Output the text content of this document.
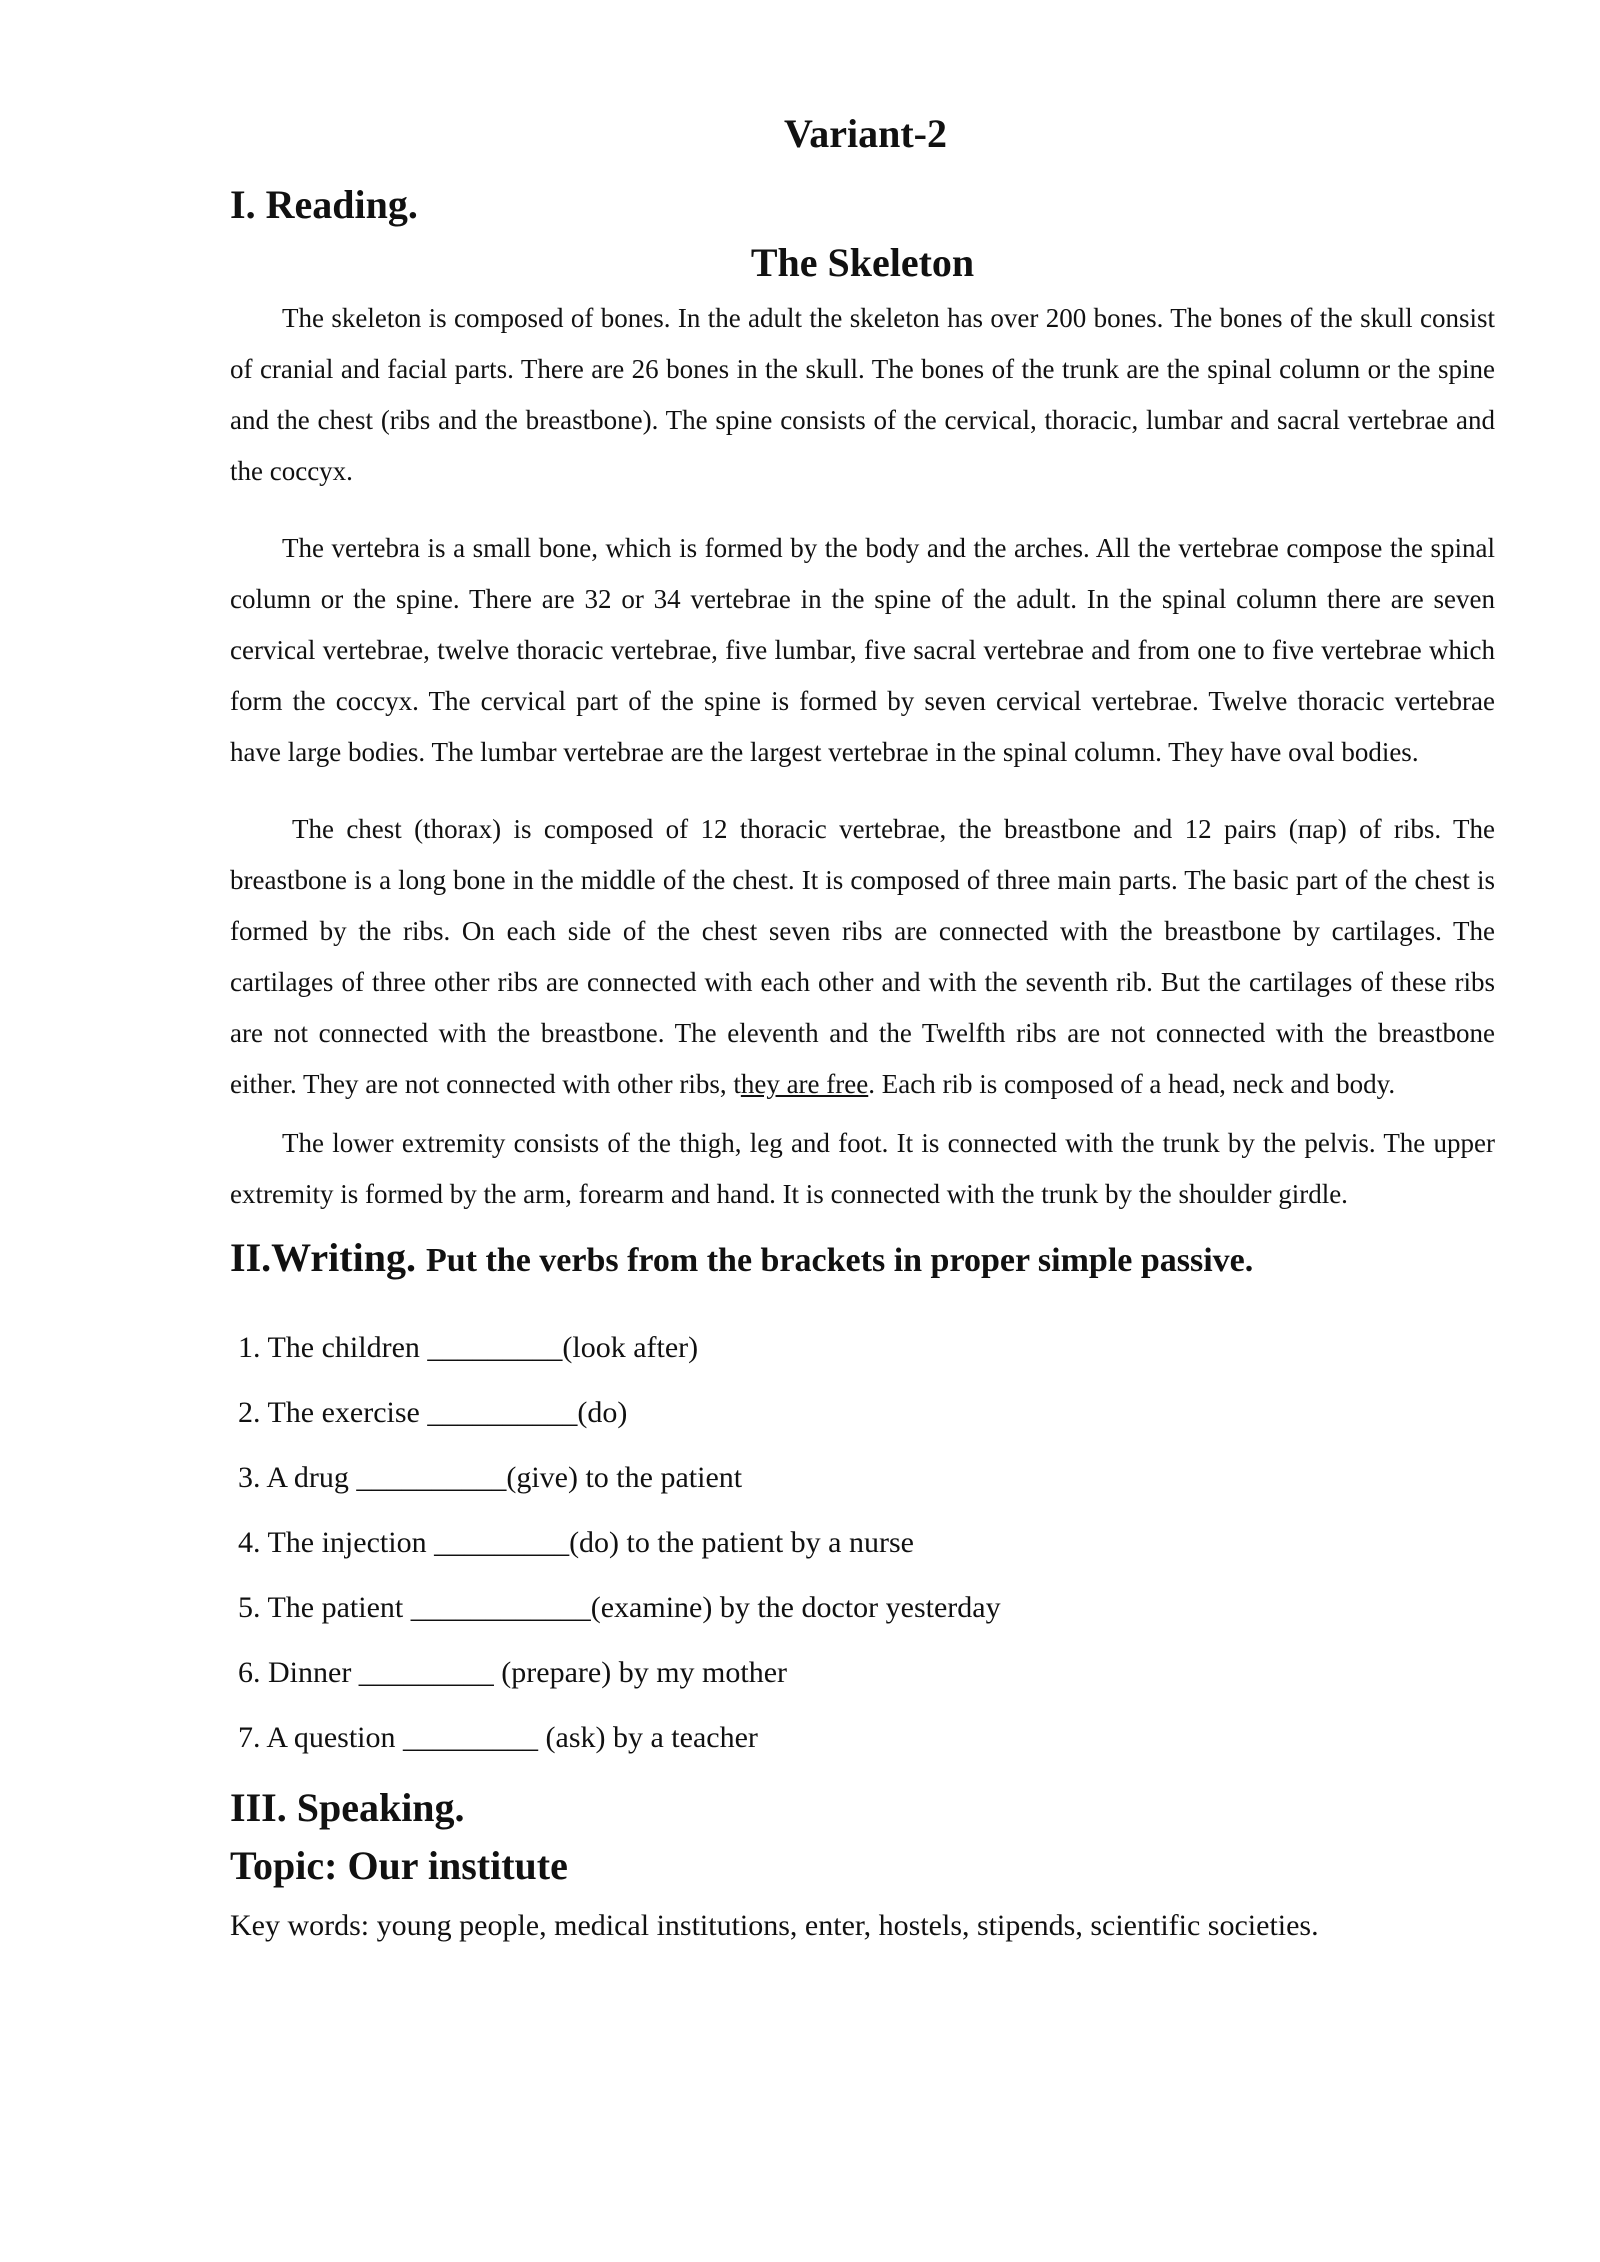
Variant-2
I. Reading.
The Skeleton

The skeleton is composed of bones. In the adult the skeleton has over 200 bones. The bones of the skull consist of cranial and facial parts. There are 26 bones in the skull. The bones of the trunk are the spinal column or the spine and the chest (ribs and the breastbone). The spine consists of the cervical, thoracic, lumbar and sacral vertebrae and the coccyx.

The vertebra is a small bone, which is formed by the body and the arches. All the vertebrae compose the spinal column or the spine. There are 32 or 34 vertebrae in the spine of the adult. In the spinal column there are seven cervical vertebrae, twelve thoracic vertebrae, five lumbar, five sacral vertebrae and from one to five vertebrae which form the coccyx. The cervical part of the spine is formed by seven cervical vertebrae. Twelve thoracic vertebrae have large bodies. The lumbar vertebrae are the largest vertebrae in the spinal column. They have oval bodies.

The chest (thorax) is composed of 12 thoracic vertebrae, the breastbone and 12 pairs (пар) of ribs. The breastbone is a long bone in the middle of the chest. It is composed of three main parts. The basic part of the chest is formed by the ribs. On each side of the chest seven ribs are connected with the breastbone by cartilages. The cartilages of three other ribs are connected with each other and with the seventh rib. But the cartilages of these ribs are not connected with the breastbone. The eleventh and the Twelfth ribs are not connected with the breastbone either. They are not connected with other ribs, they are free. Each rib is composed of a head, neck and body.

The lower extremity consists of the thigh, leg and foot. It is connected with the trunk by the pelvis. The upper extremity is formed by the arm, forearm and hand. It is connected with the trunk by the shoulder girdle.

II.Writing. Put the verbs from the brackets in proper simple passive.
1. The children _________(look after)
2. The exercise __________(do)
3. A drug __________(give) to the patient
4. The injection _________(do) to the patient by a nurse
5. The patient ____________(examine) by the doctor yesterday
6. Dinner _________ (prepare) by my mother
7. A question _________ (ask) by a teacher
III. Speaking.
Topic: Our institute
Key words: young people, medical institutions, enter, hostels, stipends, scientific societies.
